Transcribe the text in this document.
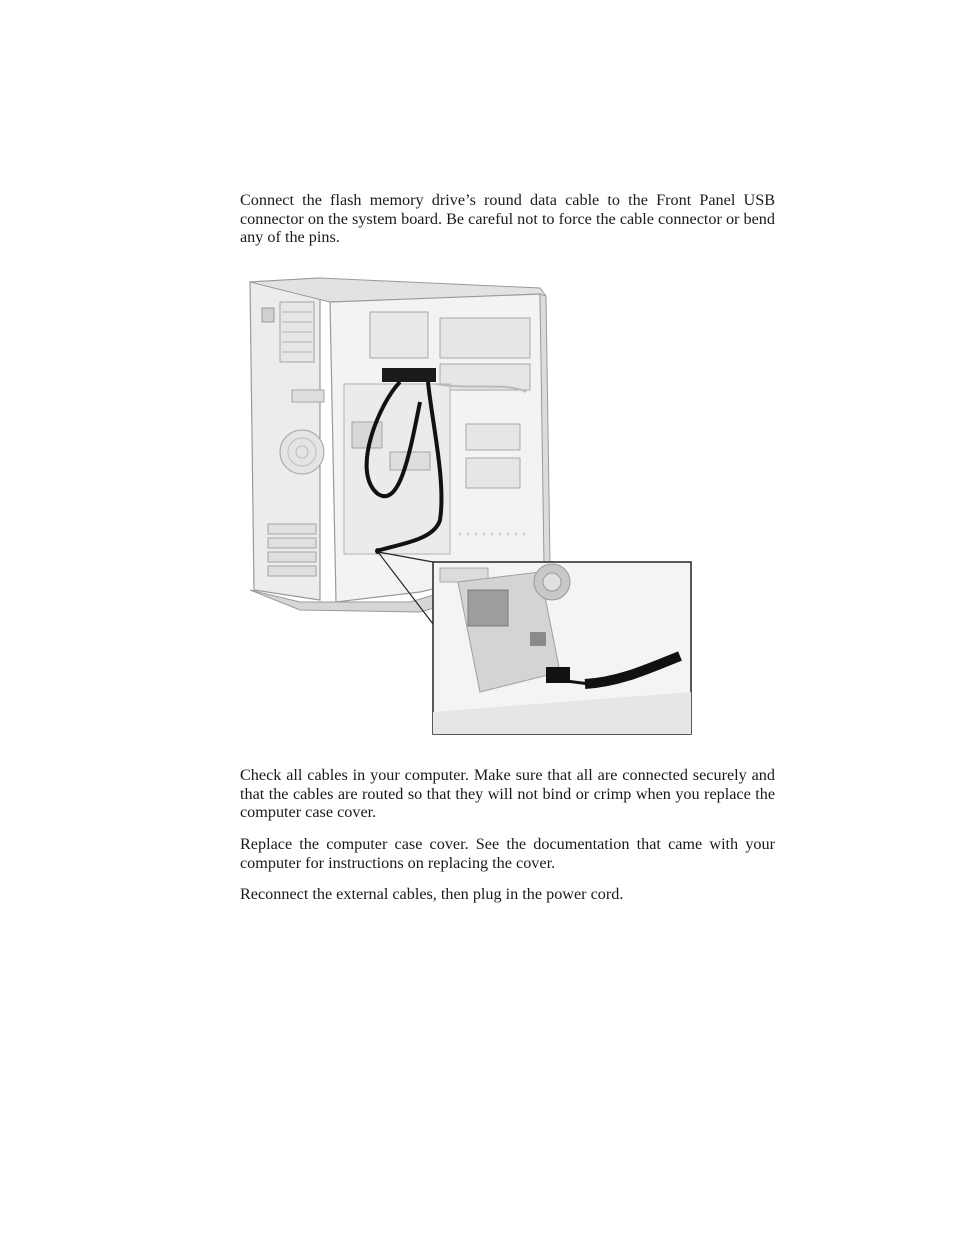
Connect the flash memory drive’s round data cable to the Front Panel USB connector on the system board. Be careful not to force the cable connector or bend any of the pins.

Check all cables in your computer. Make sure that all are connected securely and that the cables are routed so that they will not bind or crimp when you replace the computer case cover.

Replace the computer case cover. See the documentation that came with your computer for instructions on replacing the cover.

Reconnect the external cables, then plug in the power cord.
